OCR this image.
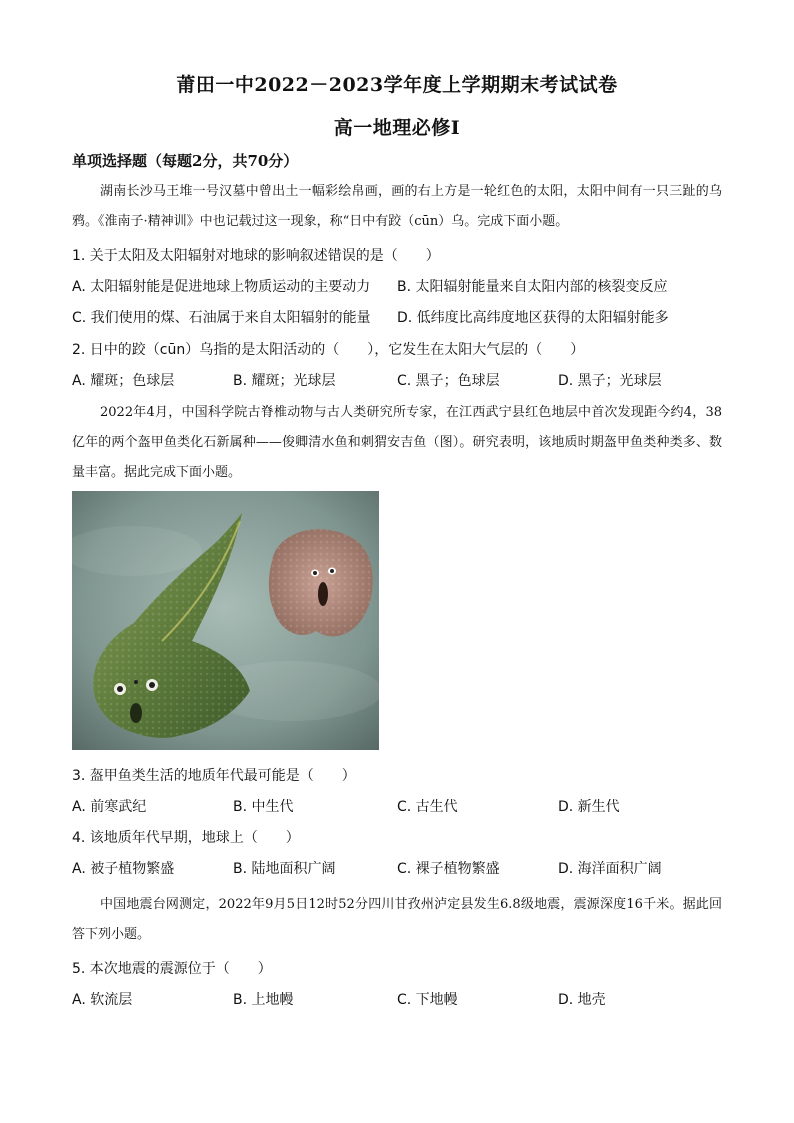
莆田一中2022－2023学年度上学期期末考试试卷
高一地理必修Ⅰ
单项选择题（每题2分，共70分）
湖南长沙马王堆一号汉墓中曾出土一幅彩绘帛画，画的右上方是一轮红色的太阳，太阳中间有一只三趾的乌鸦。《淮南子·精神训》中也记载过这一现象，称“日中有跤（cūn）乌。完成下面小题。
1. 关于太阳及太阳辐射对地球的影响叙述错误的是（　　）
A. 太阳辐射能是促进地球上物质运动的主要动力 B. 太阳辐射能量来自太阳内部的核裂变反应
C. 我们使用的煤、石油属于来自太阳辐射的能量 D. 低纬度比高纬度地区获得的太阳辐射能多
2. 日中的跤（cūn）乌指的是太阳活动的（　　），它发生在太阳大气层的（　　）
A. 耀斑；色球层	B. 耀斑；光球层	C. 黑子；色球层	D. 黑子；光球层
2022年4月，中国科学院古脊椎动物与古人类研究所专家，在江西武宁县红色地层中首次发现距今约4，38亿年的两个盔甲鱼类化石新属种——俊卿清水鱼和刺猬安吉鱼（图）。研究表明，该地质时期盔甲鱼类种类多、数量丰富。据此完成下面小题。
3. 盔甲鱼类生活的地质年代最可能是（　　）
A. 前寒武纪	B. 中生代	C. 古生代	D. 新生代
4. 该地质年代早期，地球上（　　）
A. 被子植物繁盛	B. 陆地面积广阔	C. 裸子植物繁盛	D. 海洋面积广阔
中国地震台网测定，2022年9月5日12时52分四川甘孜州泸定县发生6.8级地震，震源深度16千米。据此回答下列小题。
5. 本次地震的震源位于（　　）
A. 软流层	B. 上地幔	C. 下地幔	D. 地壳
